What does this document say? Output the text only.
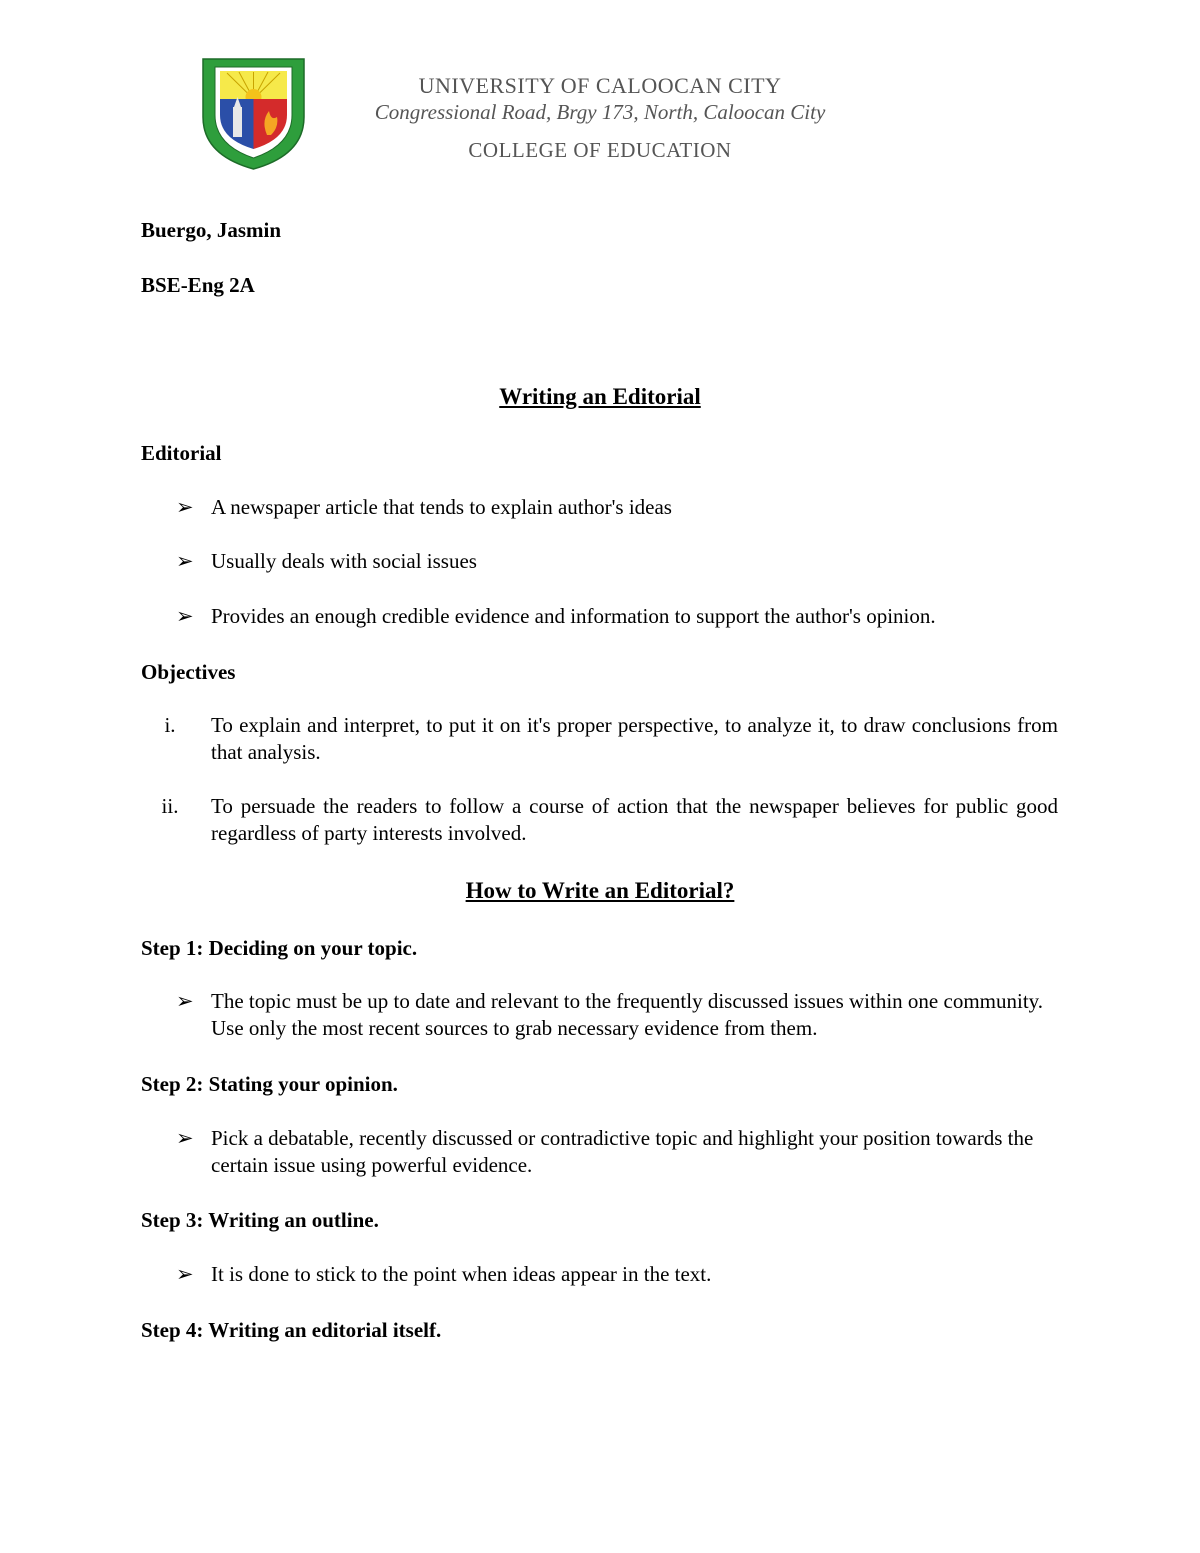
UNIVERSITY OF CALOOCAN CITY
Congressional Road, Brgy 173, North, Caloocan City
COLLEGE OF EDUCATION
Buergo, Jasmin
BSE-Eng 2A
Writing an Editorial
Editorial
➢ A newspaper article that tends to explain author's ideas
➢ Usually deals with social issues
➢ Provides an enough credible evidence and information to support the author's opinion.
Objectives
i.	To explain and interpret, to put it on it's proper perspective, to analyze it, to draw conclusions from that analysis.
ii.	To persuade the readers to follow a course of action that the newspaper believes for public good regardless of party interests involved.
How to Write an Editorial?
Step 1: Deciding on your topic.
➢ The topic must be up to date and relevant to the frequently discussed issues within one community. Use only the most recent sources to grab necessary evidence from them.
Step 2: Stating your opinion.
➢ Pick a debatable, recently discussed or contradictive topic and highlight your position towards the certain issue using powerful evidence.
Step 3: Writing an outline.
➢ It is done to stick to the point when ideas appear in the text.
Step 4: Writing an editorial itself.
